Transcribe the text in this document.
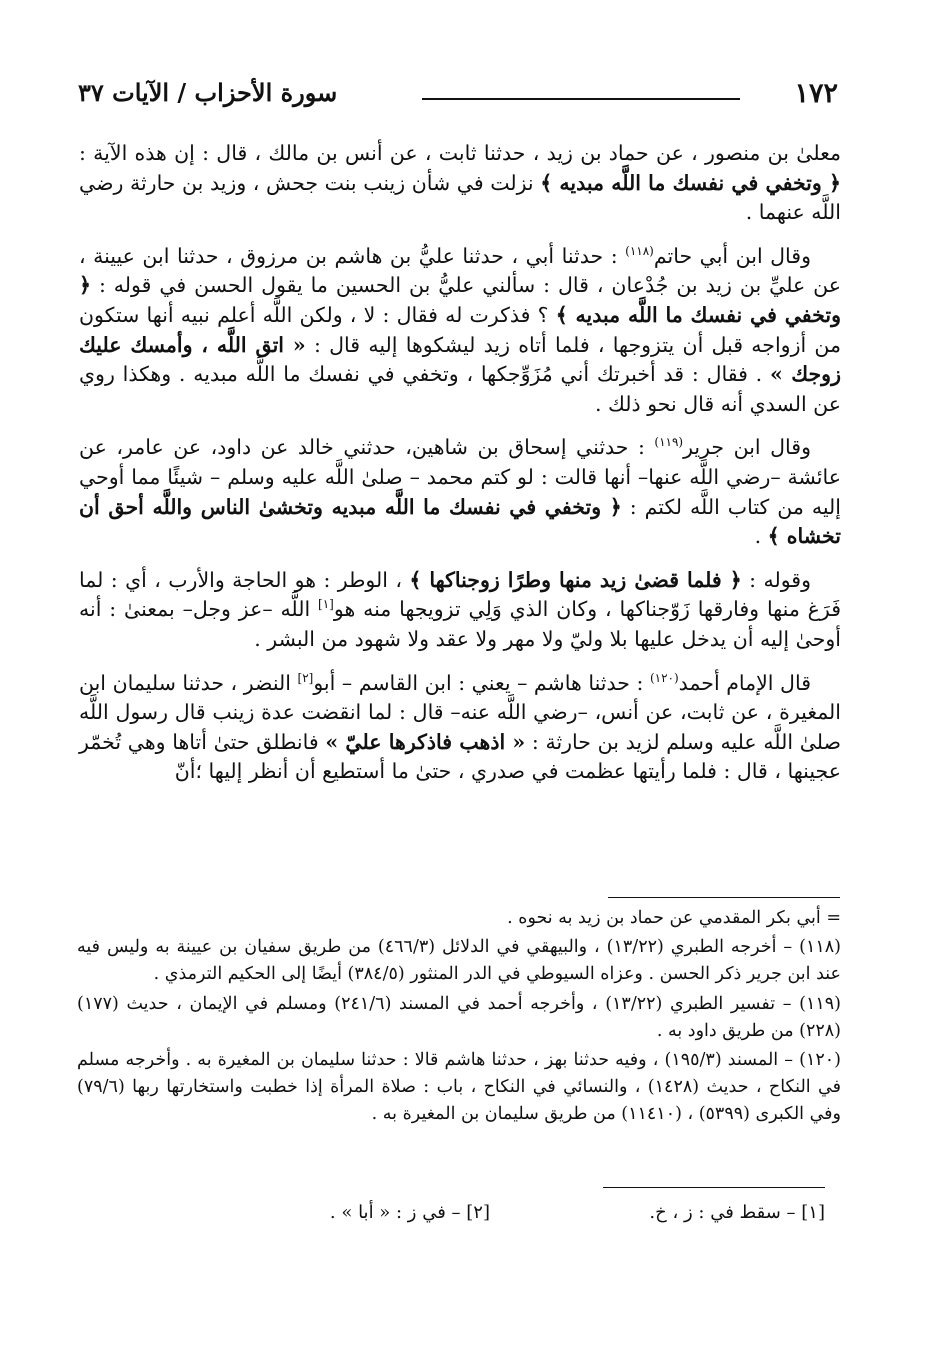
١٧٢
سورة الأحزاب / الآيات ٣٧

معلىٰ بن منصور ، عن حماد بن زيد ، حدثنا ثابت ، عن أنس بن مالك ، قال : إن هذه الآية : ﴿ وتخفي في نفسك ما اللَّه مبديه ﴾ نزلت في شأن زينب بنت جحش ، وزيد بن حارثة رضي اللَّه عنهما .

وقال ابن أبي حاتم$^{(١١٨)}$ : حدثنا أبي ، حدثنا عليُّ بن هاشم بن مرزوق ، حدثنا ابن عيينة ، عن عليِّ بن زيد بن جُدْعان ، قال : سألني عليُّ بن الحسين ما يقول الحسن في قوله : ﴿ وتخفي في نفسك ما اللَّه مبديه ﴾ ؟ فذكرت له فقال : لا ، ولكن اللَّه أعلم نبيه أنها ستكون من أزواجه قبل أن يتزوجها ، فلما أتاه زيد ليشكوها إليه قال : « اتق اللَّه ، وأمسك عليك زوجك » . فقال : قد أخبرتك أني مُزَوِّجكها ، وتخفي في نفسك ما اللَّه مبديه . وهكذا روي عن السدي أنه قال نحو ذلك .

وقال ابن جرير$^{(١١٩)}$ : حدثني إسحاق بن شاهين، حدثني خالد عن داود، عن عامر، عن عائشة –رضي اللَّه عنها– أنها قالت : لو كتم محمد – صلىٰ اللَّه عليه وسلم – شيئًا مما أوحي إليه من كتاب اللَّه لكتم : ﴿ وتخفي في نفسك ما اللَّه مبديه وتخشىٰ الناس واللَّه أحق أن تخشاه ﴾ .

وقوله : ﴿ فلما قضىٰ زيد منها وطرًا زوجناكها ﴾ ، الوطر : هو الحاجة والأرب ، أي : لما فَرَغ منها وفارقها زَوّجناكها ، وكان الذي وَلِي تزويجها منه هو[١] اللَّه –عز وجل– بمعنىٰ : أنه أوحىٰ إليه أن يدخل عليها بلا وليّ ولا مهر ولا عقد ولا شهود من البشر .

قال الإمام أحمد$^{(١٢٠)}$ : حدثنا هاشم – يعني : ابن القاسم – أبو[٢] النضر ، حدثنا سليمان ابن المغيرة ، عن ثابت، عن أنس، –رضي اللَّه عنه– قال : لما انقضت عدة زينب قال رسول اللَّه صلىٰ اللَّه عليه وسلم لزيد بن حارثة : « اذهب فاذكرها عليّ » فانطلق حتىٰ أتاها وهي تُخمّر عجينها ، قال : فلما رأيتها عظمت في صدري ، حتىٰ ما أستطيع أن أنظر إليها ؛أنّ

= أبي بكر المقدمي عن حماد بن زيد به نحوه .

(١١٨) – أخرجه الطبري (١٣/٢٢) ، والبيهقي في الدلائل (٤٦٦/٣) من طريق سفيان بن عيينة به وليس فيه عند ابن جرير ذكر الحسن . وعزاه السيوطي في الدر المنثور (٣٨٤/٥) أيضًا إلى الحكيم الترمذي .

(١١٩) – تفسير الطبري (١٣/٢٢) ، وأخرجه أحمد في المسند (٢٤١/٦) ومسلم في الإيمان ، حديث (١٧٧) (٢٢٨) من طريق داود به .

(١٢٠) – المسند (١٩٥/٣) ، وفيه حدثنا بهز ، حدثنا هاشم قالا : حدثنا سليمان بن المغيرة به . وأخرجه مسلم في النكاح ، حديث (١٤٢٨) ، والنسائي في النكاح ، باب : صلاة المرأة إذا خطبت واستخارتها ربها (٧٩/٦) وفي الكبرى (٥٣٩٩) ، (١١٤١٠) من طريق سليمان بن المغيرة به .

[١] – سقط في : ز ، خ.
[٢] – في ز : « أبا » .
